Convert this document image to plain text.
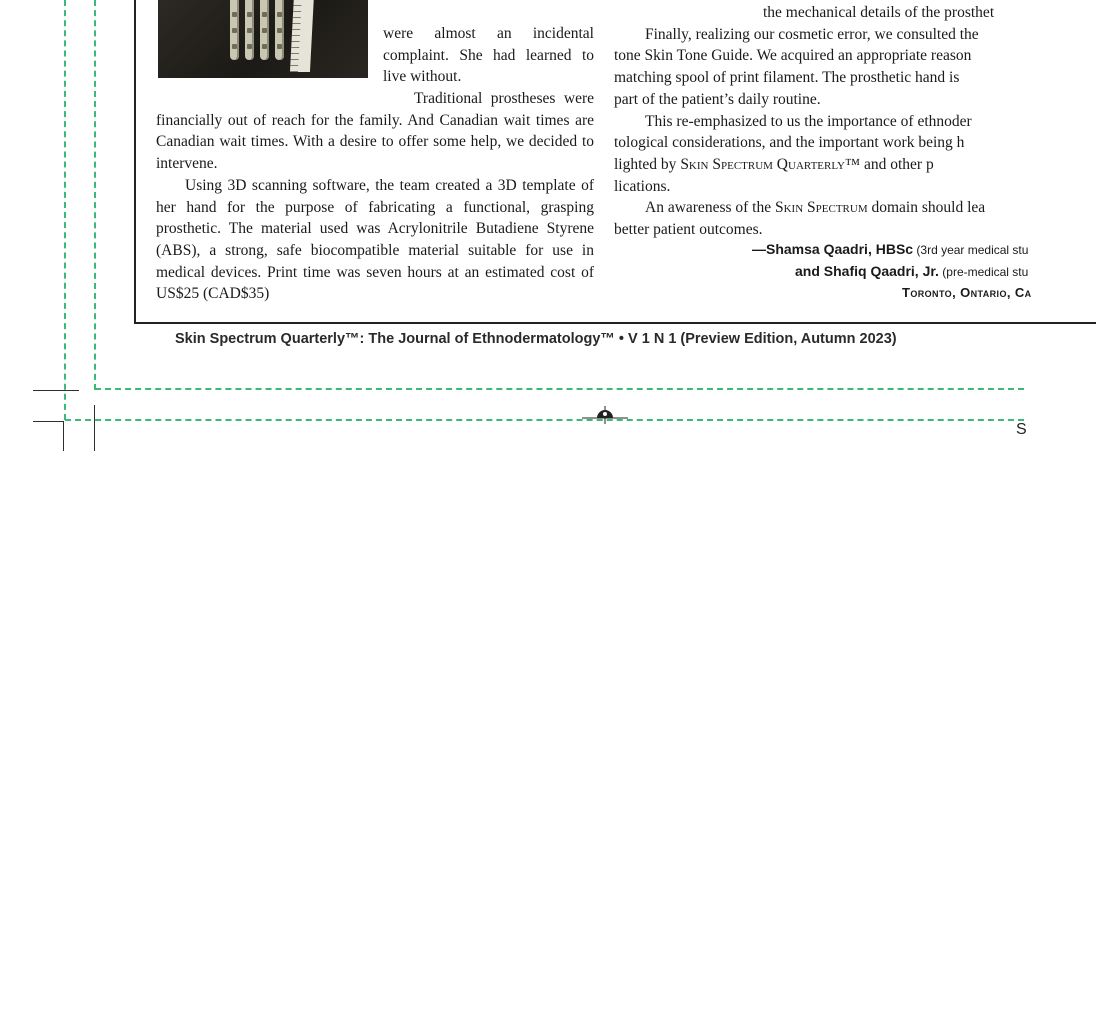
were almost an incidental complaint. She had learned to live without.

Traditional prostheses were financially out of reach for the family. And Canadian wait times are Canadian wait times. With a desire to offer some help, we decided to intervene.

Using 3D scanning software, the team created a 3D template of her hand for the purpose of fabricating a functional, grasping prosthetic. The material used was Acrylonitrile Butadiene Styrene (ABS), a strong, safe biocompatible material suitable for use in medical devices. Print time was seven hours at an estimated cost of US$25 (CAD$35)

the mechanical details of the prosthet
Finally, realizing our cosmetic error, we consulted the
tone Skin Tone Guide. We acquired an appropriate reason
matching spool of print filament. The prosthetic hand is
part of the patient’s daily routine.
This re-emphasized to us the importance of ethnoder
tological considerations, and the important work being h
lighted by Skin Spectrum Quarterly™ and other p
lications.
An awareness of the Skin Spectrum domain should lea
better patient outcomes.
—Shamsa Qaadri, HBSc (3rd year medical stu
and Shafiq Qaadri, Jr. (pre-medical stu
Toronto, Ontario, Ca
Skin Spectrum Quarterly™: The Journal of Ethnodermatology™ • V 1 N 1 (Preview Edition, Autumn 2023)
S
